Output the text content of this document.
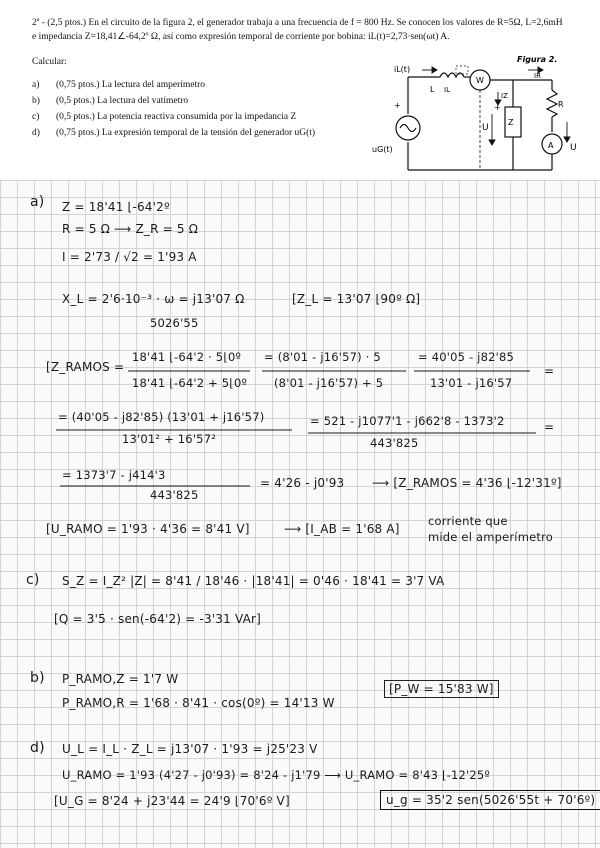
2ª - (2,5 ptos.) En el circuito de la figura 2, el generador trabaja a una frecuencia de f = 800 Hz. Se conocen los valores de R=5Ω, L=2,6mH e impedancia Z=18,41∠-64,2º Ω, así como expresión temporal de corriente por bobina: iL(t)=2,73·sen(ωt) A.
Calcular:
a) (0,75 ptos.) La lectura del amperímetro
b) (0,5 ptos.) La lectura del vatímetro
c) (0,5 ptos.) La potencia reactiva consumida por la impedancia Z
d) (0,75 ptos.) La expresión temporal de la tensión del generador uG(t)
iL(t)
L IL
W
Figura 2.
IR
IZ
Z
R
A
uG(t)
U
U
+	+
a) Z = 18'41 ⌊-64'2º
R = 5 Ω ⟶ Z_R = 5 Ω
I = 2'73 / √2 = 1'93 A
X_L = 2'6·10⁻³ · ω = j13'07 Ω
5026'55
[Z_L = 13'07 ⌊90º Ω]
[Z_RAMOS =
18'41 ⌊-64'2 · 5⌊0º
18'41 ⌊-64'2 + 5⌊0º
= (8'01 - j16'57) · 5
(8'01 - j16'57) + 5
= 40'05 - j82'85
13'01 - j16'57
=
= (40'05 - j82'85) (13'01 + j16'57)
13'01² + 16'57²
= 521 - j1077'1 - j662'8 - 1373'2
443'825
=
= 1373'7 - j414'3
443'825
= 4'26 - j0'93 ⟶ [Z_RAMOS = 4'36 ⌊-12'31º]
[U_RAMO = 1'93 · 4'36 = 8'41 V]	⟶ [I_AB = 1'68 A]
corriente que
mide el amperímetro
c) S_Z = I_Z² |Z| = 8'41 / 18'46 · |18'41| = 0'46 · 18'41 = 3'7 VA
[Q = 3'5 · sen(-64'2) = -3'31 VAr]
b) P_RAMO,Z = 1'7 W
P_RAMO,R = 1'68 · 8'41 · cos(0º) = 14'13 W
[P_W = 15'83 W]
d) U_L = I_L · Z_L = j13'07 · 1'93 = j25'23 V
U_RAMO = 1'93 (4'27 - j0'93) = 8'24 - j1'79 ⟶ U_RAMO = 8'43 ⌊-12'25º
[U_G = 8'24 + j23'44 = 24'9 ⌊70'6º V]	u_g = 35'2 sen(5026'55t + 70'6º)
